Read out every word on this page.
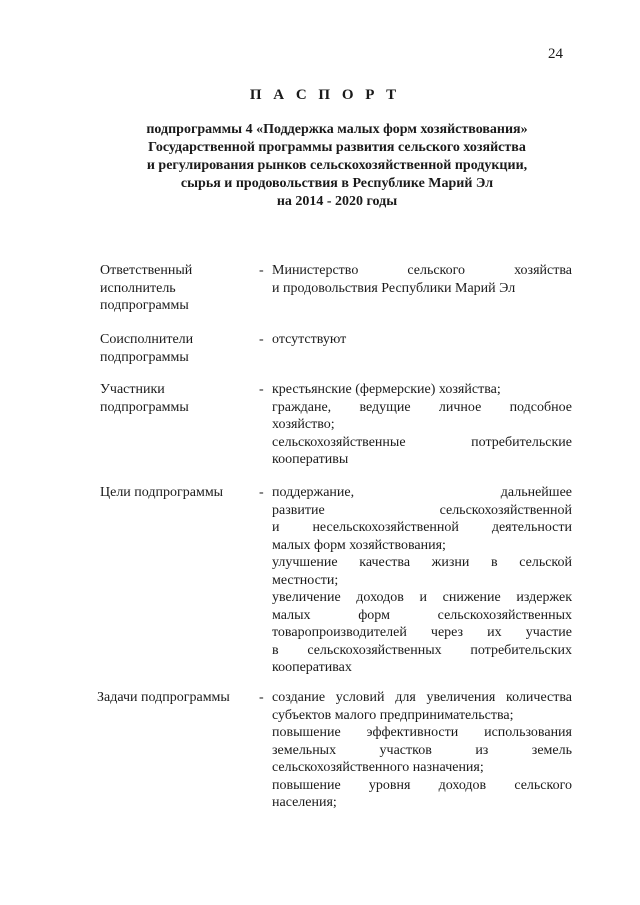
24
П А С П О Р Т
подпрограммы 4 «Поддержка малых форм хозяйствования»
Государственной программы развития сельского хозяйства
и регулирования рынков сельскохозяйственной продукции,
сырья и продовольствия в Республике Марий Эл
на 2014 - 2020 годы
Ответственный
исполнитель
подпрограммы
- Министерство сельского хозяйства
и продовольствия Республики Марий Эл
Соисполнители
подпрограммы
- отсутствуют
Участники
подпрограммы
- крестьянские (фермерские) хозяйства;
граждане, ведущие личное подсобное
хозяйство;
сельскохозяйственные потребительские
кооперативы
Цели подпрограммы	- поддержание, дальнейшее
развитие сельскохозяйственной
и несельскохозяйственной деятельности
малых форм хозяйствования;
улучшение качества жизни в сельской
местности;
увеличение доходов и снижение издержек
малых форм сельскохозяйственных
товаропроизводителей через их участие
в сельскохозяйственных потребительских
кооперативах
Задачи подпрограммы	- создание условий для увеличения количества
субъектов малого предпринимательства;
повышение эффективности использования
земельных участков из земель
сельскохозяйственного назначения;
повышение уровня доходов сельского
населения;
